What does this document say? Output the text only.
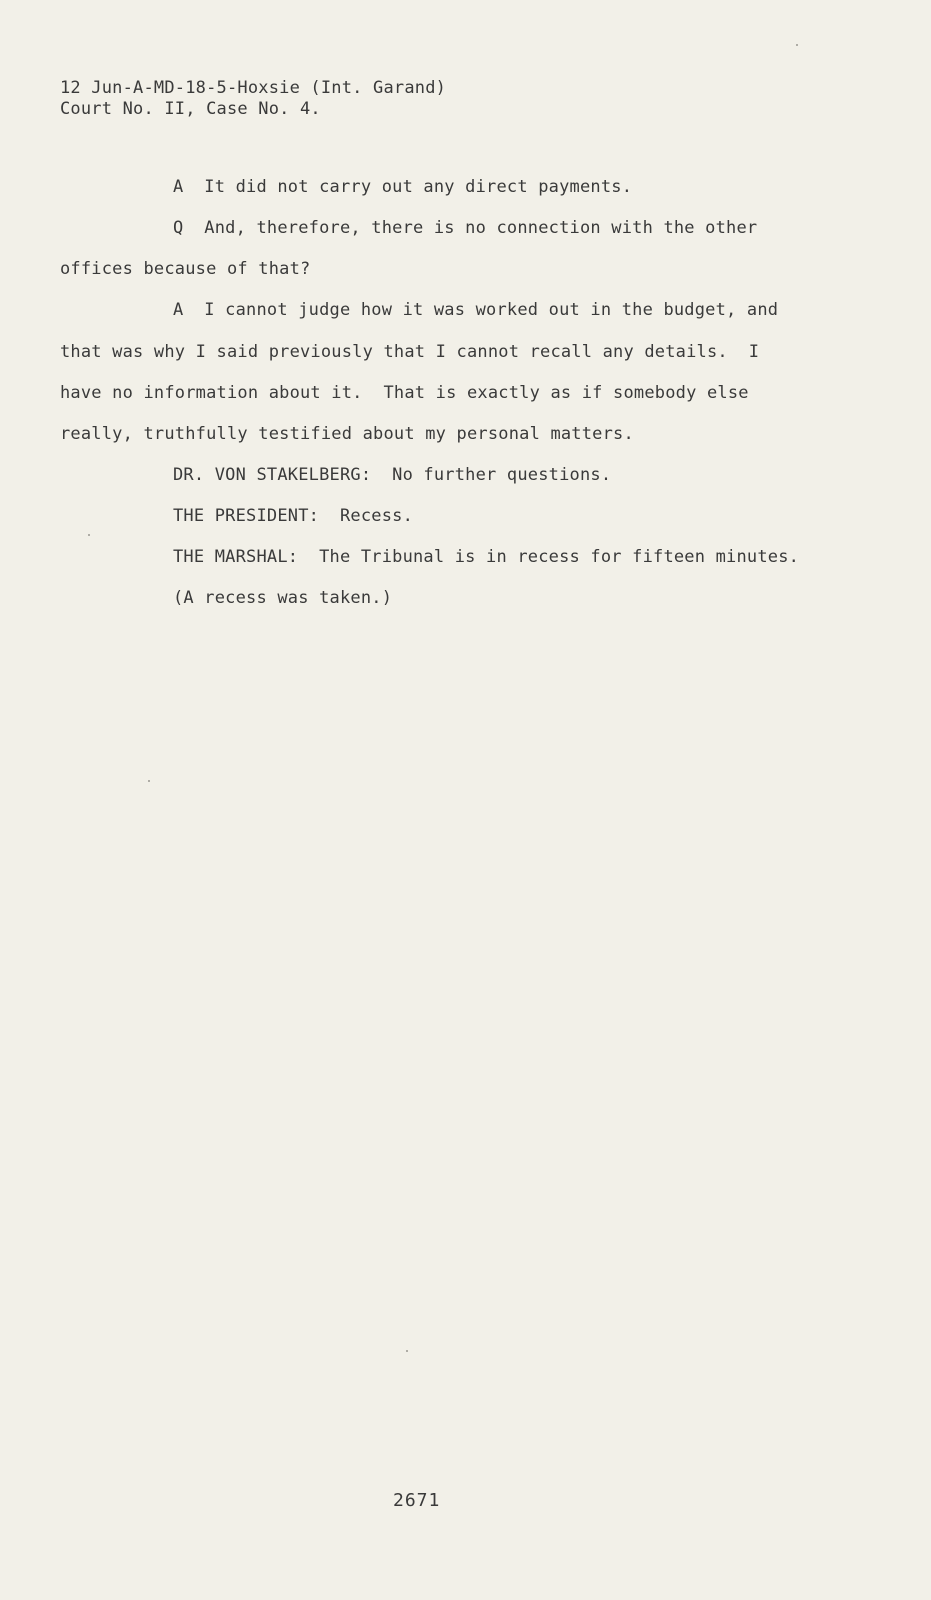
12 Jun-A-MD-18-5-Hoxsie (Int. Garand)
Court No. II, Case No. 4.
A  It did not carry out any direct payments.
Q  And, therefore, there is no connection with the other
offices because of that?
A  I cannot judge how it was worked out in the budget, and
that was why I said previously that I cannot recall any details.  I
have no information about it.  That is exactly as if somebody else
really, truthfully testified about my personal matters.
DR. VON STAKELBERG:  No further questions.
THE PRESIDENT:  Recess.
THE MARSHAL:  The Tribunal is in recess for fifteen minutes.
(A recess was taken.)
2671
